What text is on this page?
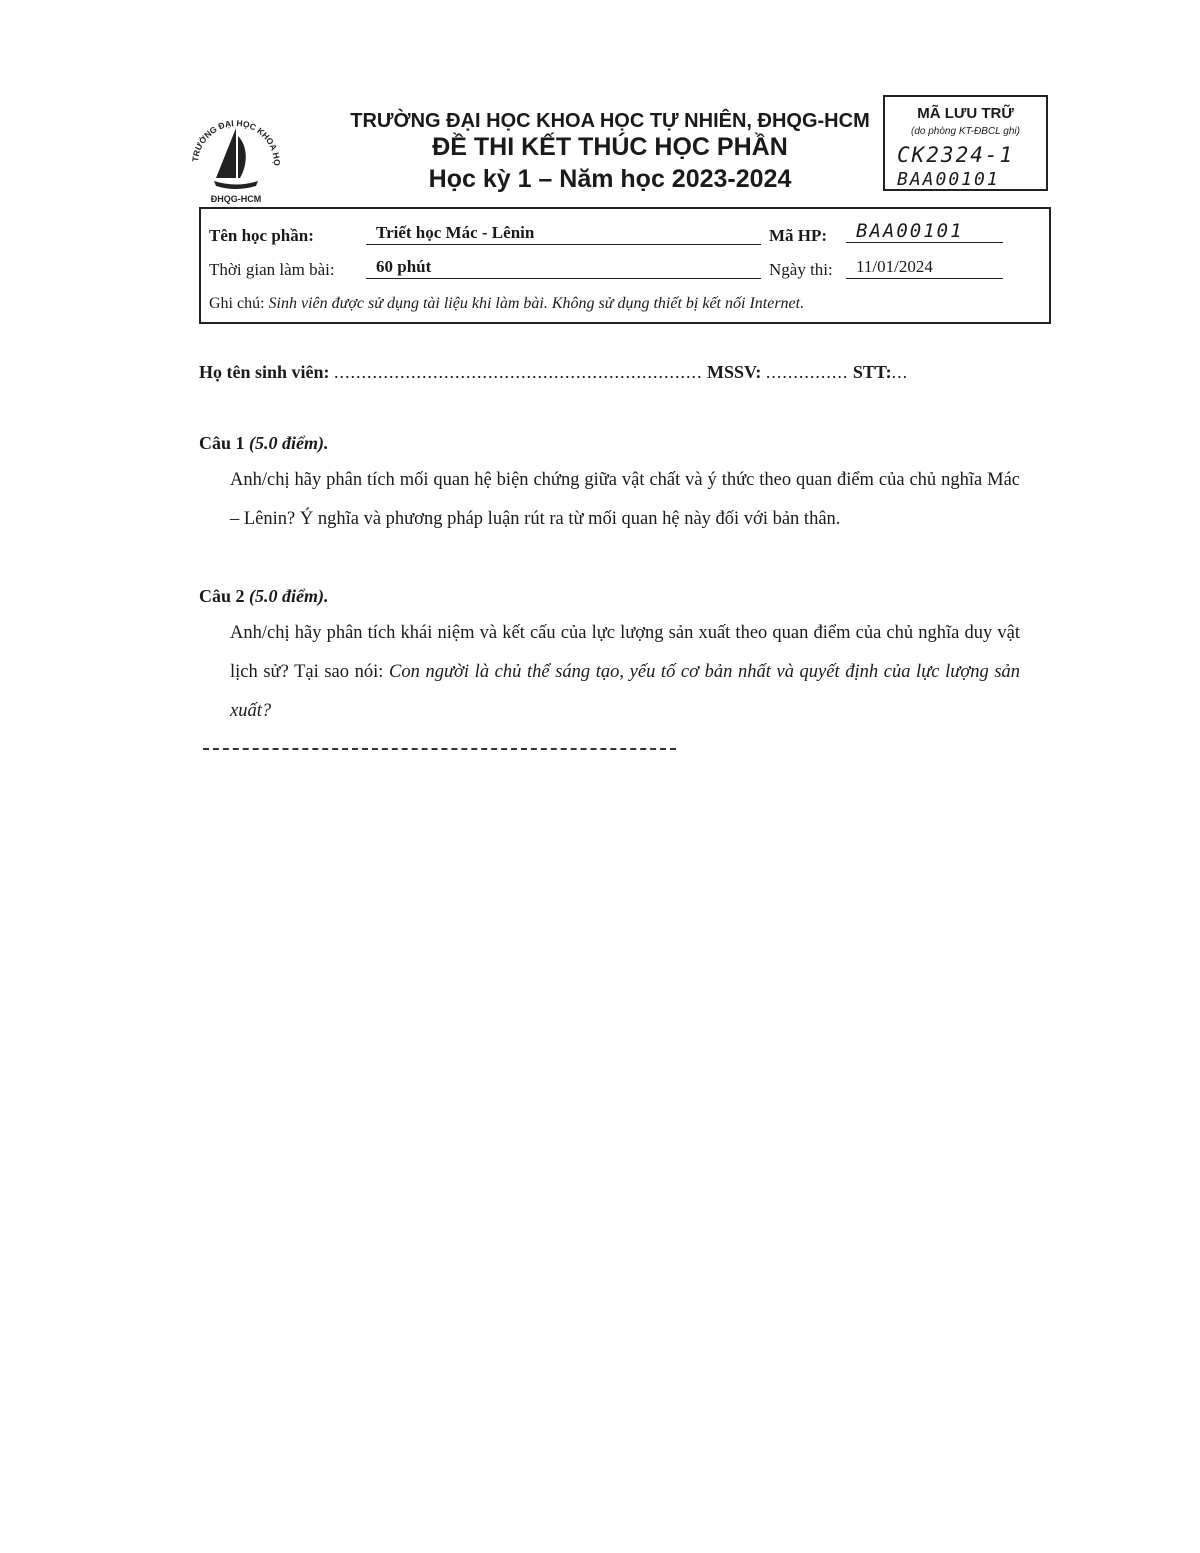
TRƯỜNG ĐẠI HỌC KHOA HỌ
ĐHQG-HCM
TRƯỜNG ĐẠI HỌC KHOA HỌC TỰ NHIÊN, ĐHQG-HCM
ĐỀ THI KẾT THÚC HỌC PHẦN
Học kỳ 1 – Năm học 2023-2024
MÃ LƯU TRỮ
(do phòng KT-ĐBCL ghi)
CK2324-1
BAA00101
Tên học phần:	Triết học Mác - Lênin	Mã HP:	BAA00101
Thời gian làm bài:	60 phút	Ngày thi:	11/01/2024
Ghi chú: Sinh viên được sử dụng tài liệu khi làm bài. Không sử dụng thiết bị kết nối Internet.
Họ tên sinh viên: ................................................................... MSSV: ............... STT:...
Câu 1 (5.0 điểm).
Anh/chị hãy phân tích mối quan hệ biện chứng giữa vật chất và ý thức theo quan điểm của chủ nghĩa Mác – Lênin? Ý nghĩa và phương pháp luận rút ra từ mối quan hệ này đối với bản thân.
Câu 2 (5.0 điểm).
Anh/chị hãy phân tích khái niệm và kết cấu của lực lượng sản xuất theo quan điểm của chủ nghĩa duy vật lịch sử? Tại sao nói: Con người là chủ thể sáng tạo, yếu tố cơ bản nhất và quyết định của lực lượng sản xuất?
